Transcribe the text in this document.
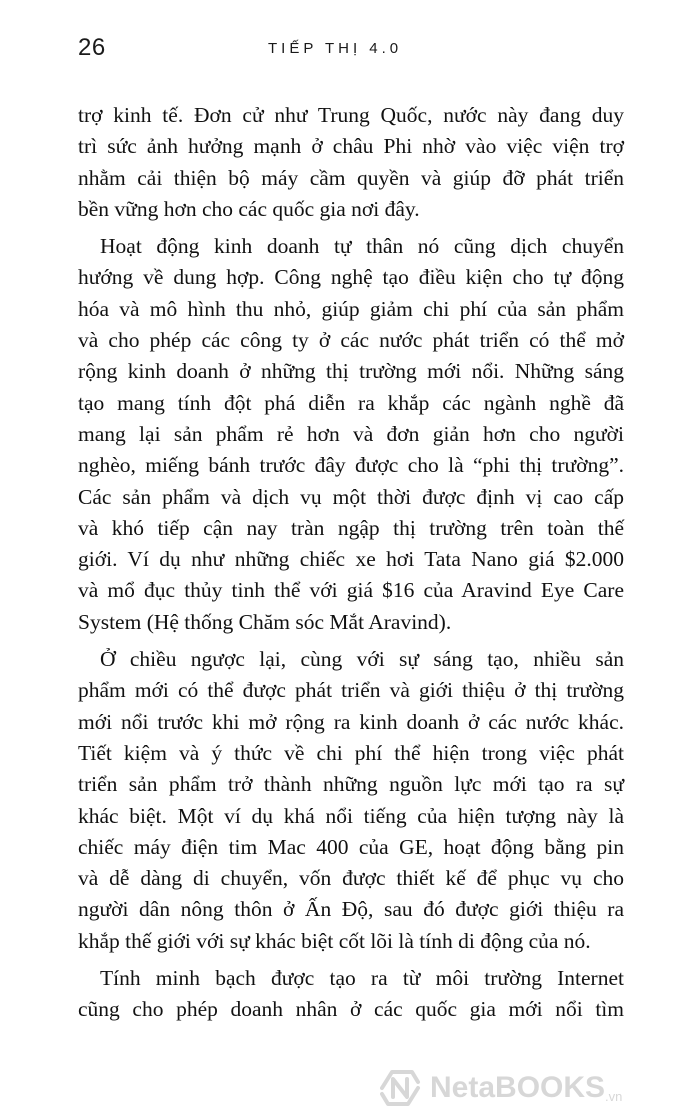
26	TIẾP THỊ 4.0
trợ kinh tế. Đơn cử như Trung Quốc, nước này đang duy
trì sức ảnh hưởng mạnh ở châu Phi nhờ vào việc viện trợ
nhằm cải thiện bộ máy cầm quyền và giúp đỡ phát triển
bền vững hơn cho các quốc gia nơi đây.
Hoạt động kinh doanh tự thân nó cũng dịch chuyển
hướng về dung hợp. Công nghệ tạo điều kiện cho tự động
hóa và mô hình thu nhỏ, giúp giảm chi phí của sản phẩm
và cho phép các công ty ở các nước phát triển có thể mở
rộng kinh doanh ở những thị trường mới nổi. Những sáng
tạo mang tính đột phá diễn ra khắp các ngành nghề đã
mang lại sản phẩm rẻ hơn và đơn giản hơn cho người
nghèo, miếng bánh trước đây được cho là “phi thị trường”.
Các sản phẩm và dịch vụ một thời được định vị cao cấp
và khó tiếp cận nay tràn ngập thị trường trên toàn thế
giới. Ví dụ như những chiếc xe hơi Tata Nano giá $2.000
và mổ đục thủy tinh thể với giá $16 của Aravind Eye Care
System (Hệ thống Chăm sóc Mắt Aravind).
Ở chiều ngược lại, cùng với sự sáng tạo, nhiều sản
phẩm mới có thể được phát triển và giới thiệu ở thị trường
mới nổi trước khi mở rộng ra kinh doanh ở các nước khác.
Tiết kiệm và ý thức về chi phí thể hiện trong việc phát
triển sản phẩm trở thành những nguồn lực mới tạo ra sự
khác biệt. Một ví dụ khá nổi tiếng của hiện tượng này là
chiếc máy điện tim Mac 400 của GE, hoạt động bằng pin
và dễ dàng di chuyển, vốn được thiết kế để phục vụ cho
người dân nông thôn ở Ấn Độ, sau đó được giới thiệu ra
khắp thế giới với sự khác biệt cốt lõi là tính di động của nó.
Tính minh bạch được tạo ra từ môi trường Internet
cũng cho phép doanh nhân ở các quốc gia mới nổi tìm
NetaBOOKS .vn
